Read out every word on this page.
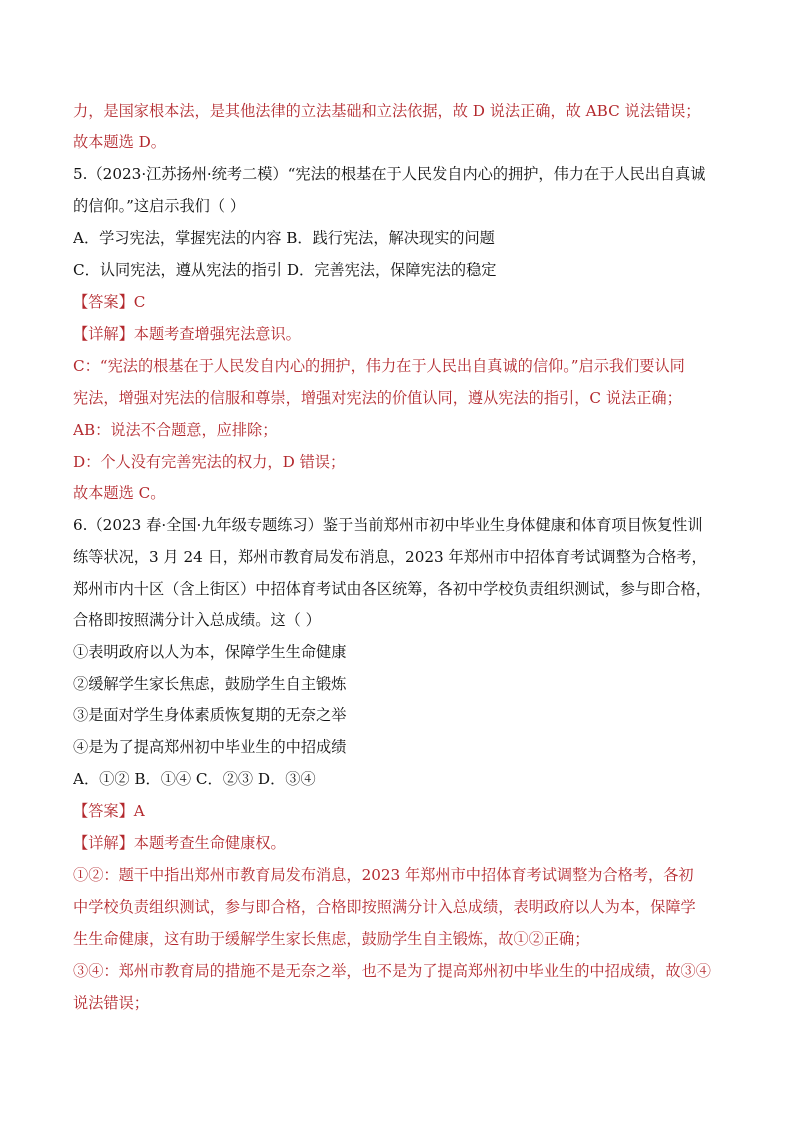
力，是国家根本法，是其他法律的立法基础和立法依据，故 D 说法正确，故 ABC 说法错误；
故本题选 D。
5.（2023·江苏扬州·统考二模）“宪法的根基在于人民发自内心的拥护，伟力在于人民出自真诚
的信仰。”这启示我们（ ）
A．学习宪法，掌握宪法的内容 B．践行宪法，解决现实的问题
C．认同宪法，遵从宪法的指引 D．完善宪法，保障宪法的稳定
【答案】C
【详解】本题考查增强宪法意识。
C：“宪法的根基在于人民发自内心的拥护，伟力在于人民出自真诚的信仰。”启示我们要认同
宪法，增强对宪法的信服和尊崇，增强对宪法的价值认同，遵从宪法的指引，C 说法正确；
AB：说法不合题意，应排除；
D：个人没有完善宪法的权力，D 错误；
故本题选 C。
6.（2023 春·全国·九年级专题练习）鉴于当前郑州市初中毕业生身体健康和体育项目恢复性训
练等状况，3 月 24 日，郑州市教育局发布消息，2023 年郑州市中招体育考试调整为合格考，
郑州市内十区（含上街区）中招体育考试由各区统筹，各初中学校负责组织测试，参与即合格，
合格即按照满分计入总成绩。这（ ）
①表明政府以人为本，保障学生生命健康
②缓解学生家长焦虑，鼓励学生自主锻炼
③是面对学生身体素质恢复期的无奈之举
④是为了提高郑州初中毕业生的中招成绩
A．①② B．①④ C．②③ D．③④
【答案】A
【详解】本题考查生命健康权。
①②：题干中指出郑州市教育局发布消息，2023 年郑州市中招体育考试调整为合格考，各初
中学校负责组织测试，参与即合格，合格即按照满分计入总成绩，表明政府以人为本，保障学
生生命健康，这有助于缓解学生家长焦虑，鼓励学生自主锻炼，故①②正确；
③④：郑州市教育局的措施不是无奈之举，也不是为了提高郑州初中毕业生的中招成绩，故③④
说法错误；
